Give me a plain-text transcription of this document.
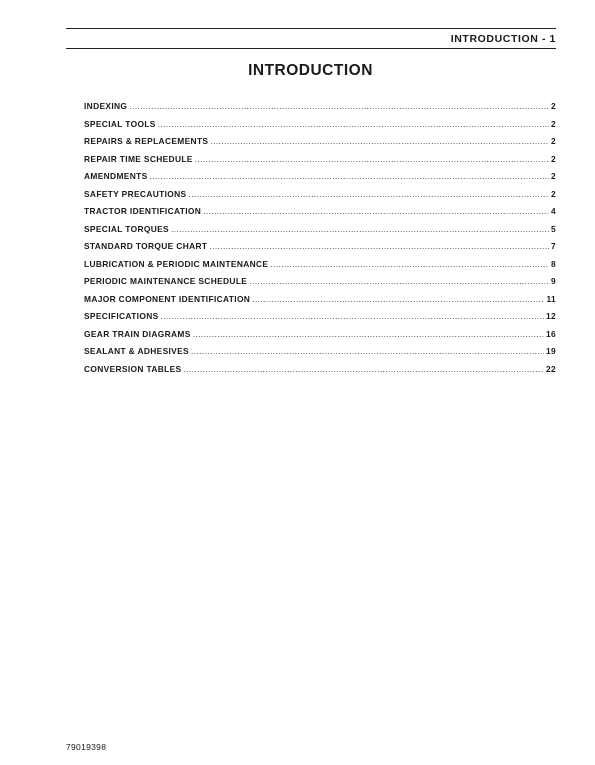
INTRODUCTION - 1
INTRODUCTION
INDEXING .....	2
SPECIAL TOOLS .....	2
REPAIRS & REPLACEMENTS .....	2
REPAIR TIME SCHEDULE .....	2
AMENDMENTS .....	2
SAFETY PRECAUTIONS .....	2
TRACTOR IDENTIFICATION .....	4
SPECIAL TORQUES .....	5
STANDARD TORQUE CHART .....	7
LUBRICATION & PERIODIC MAINTENANCE .....	8
PERIODIC MAINTENANCE SCHEDULE .....	9
MAJOR COMPONENT IDENTIFICATION .....	11
SPECIFICATIONS .....	12
GEAR TRAIN DIAGRAMS .....	16
SEALANT & ADHESIVES .....	19
CONVERSION TABLES .....	22
79019398
